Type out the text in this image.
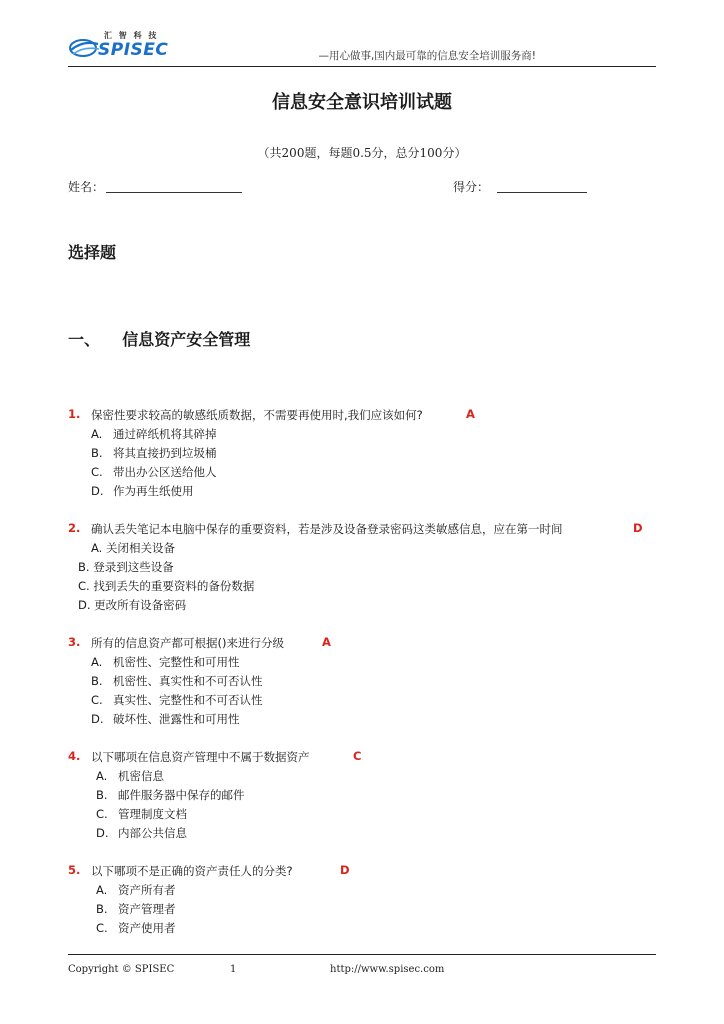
汇 智 科 技
SPISEC	—用心做事,国内最可靠的信息安全培训服务商!
信息安全意识培训试题
（共200题，每题0.5分，总分100分）
姓名：	得分：
选择题
一、    信息资产安全管理
1. 保密性要求较高的敏感纸质数据，不需要再使用时,我们应该如何?	A
A. 通过碎纸机将其碎掉
B. 将其直接扔到垃圾桶
C. 带出办公区送给他人
D. 作为再生纸使用
2. 确认丢失笔记本电脑中保存的重要资料，若是涉及设备登录密码这类敏感信息，应在第一时间	D
A. 关闭相关设备
B. 登录到这些设备
C. 找到丢失的重要资料的备份数据
D. 更改所有设备密码
3. 所有的信息资产都可根据()来进行分级	A
A. 机密性、完整性和可用性
B. 机密性、真实性和不可否认性
C. 真实性、完整性和不可否认性
D. 破坏性、泄露性和可用性
4. 以下哪项在信息资产管理中不属于数据资产	C
A. 机密信息
B. 邮件服务器中保存的邮件
C. 管理制度文档
D. 内部公共信息
5. 以下哪项不是正确的资产责任人的分类?	D
A. 资产所有者
B. 资产管理者
C. 资产使用者
Copyright © SPISEC	1	http://www.spisec.com
